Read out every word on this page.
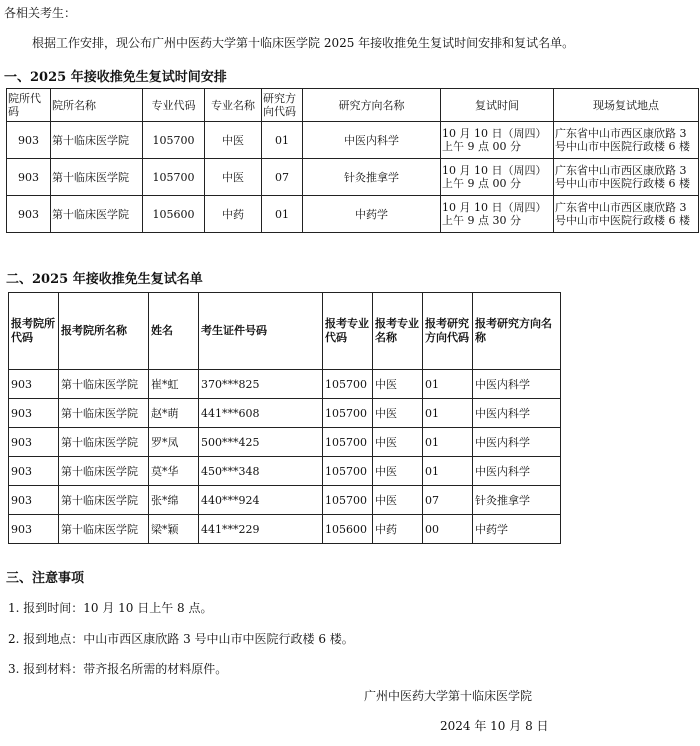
各相关考生：
根据工作安排，现公布广州中医药大学第十临床医学院 2025 年接收推免生复试时间安排和复试名单。
一、2025 年接收推免生复试时间安排
院所代码	院所名称	专业代码	专业名称	研究方向代码	研究方向名称	复试时间	现场复试地点
903	第十临床医学院	105700	中医	01	中医内科学	10 月 10 日（周四）上午 9 点 00 分	广东省中山市西区康欣路 3 号中山市中医院行政楼 6 楼
903	第十临床医学院	105700	中医	07	针灸推拿学	10 月 10 日（周四）上午 9 点 00 分	广东省中山市西区康欣路 3 号中山市中医院行政楼 6 楼
903	第十临床医学院	105600	中药	01	中药学	10 月 10 日（周四）上午 9 点 30 分	广东省中山市西区康欣路 3 号中山市中医院行政楼 6 楼
二、2025 年接收推免生复试名单
报考院所代码	报考院所名称	姓名	考生证件号码	报考专业代码	报考专业名称	报考研究方向代码	报考研究方向名称
903	第十临床医学院	崔*虹	370***825	105700	中医	01	中医内科学
903	第十临床医学院	赵*萌	441***608	105700	中医	01	中医内科学
903	第十临床医学院	罗*凤	500***425	105700	中医	01	中医内科学
903	第十临床医学院	莫*华	450***348	105700	中医	01	中医内科学
903	第十临床医学院	张*绵	440***924	105700	中医	07	针灸推拿学
903	第十临床医学院	梁*颖	441***229	105600	中药	00	中药学
三、注意事项
1. 报到时间：10 月 10 日上午 8 点。
2. 报到地点：中山市西区康欣路 3 号中山市中医院行政楼 6 楼。
3. 报到材料：带齐报名所需的材料原件。
广州中医药大学第十临床医学院
2024 年 10 月 8 日
